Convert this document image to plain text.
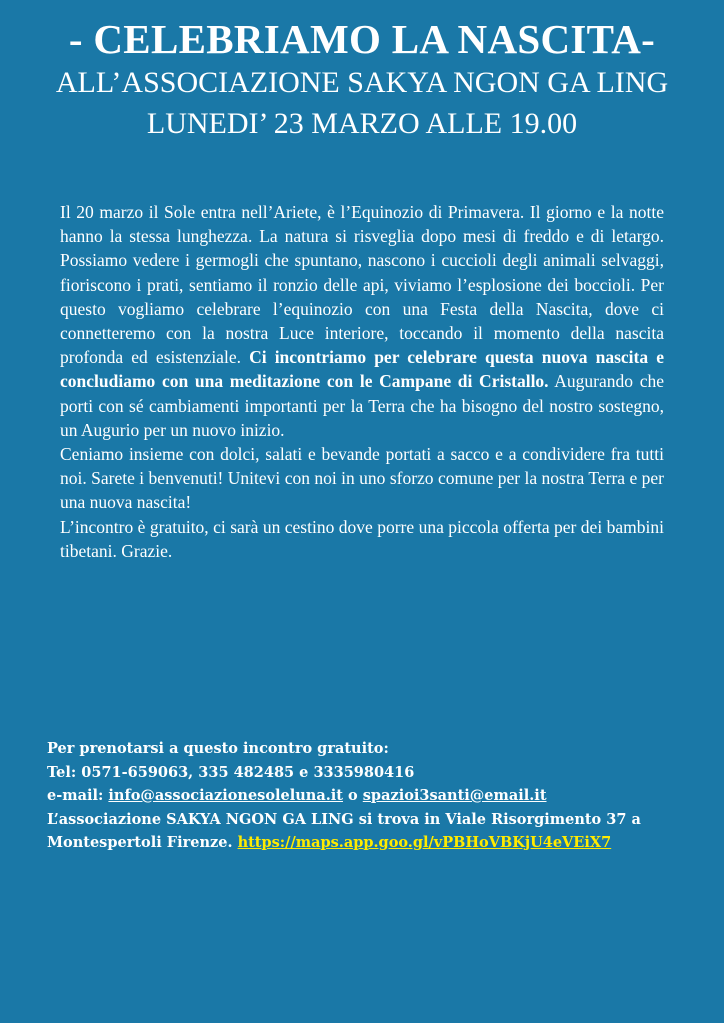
- CELEBRIAMO LA NASCITA-

ALL’ASSOCIAZIONE SAKYA NGON GA LING

LUNEDI’ 23 MARZO ALLE 19.00

Il 20 marzo il Sole entra nell’Ariete, è l’Equinozio di Primavera. Il giorno e la notte hanno la stessa lunghezza. La natura si risveglia dopo mesi di freddo e di letargo. Possiamo vedere i germogli che spuntano, nascono i cuccioli degli animali selvaggi, fioriscono i prati, sentiamo il ronzio delle api, viviamo l’esplosione dei boccioli. Per questo vogliamo celebrare l’equinozio con una Festa della Nascita, dove ci connetteremo con la nostra Luce interiore, toccando il momento della nascita profonda ed esistenziale. Ci incontriamo per celebrare questa nuova nascita e concludiamo con una meditazione con le Campane di Cristallo. Augurando che porti con sé cambiamenti importanti per la Terra che ha bisogno del nostro sostegno, un Augurio per un nuovo inizio.

Ceniamo insieme con dolci, salati e bevande portati a sacco e a condividere fra tutti noi. Sarete i benvenuti! Unitevi con noi in uno sforzo comune per la nostra Terra e per una nuova nascita!

L’incontro è gratuito, ci sarà un cestino dove porre una piccola offerta per dei bambini tibetani. Grazie.

Per prenotarsi a questo incontro gratuito:

Tel: 0571-659063, 335 482485 e 3335980416

e-mail: info@associazionesoleluna.it o spazioi3santi@email.it

L’associazione SAKYA NGON GA LING si trova in Viale Risorgimento 37 a

Montespertoli Firenze. https://maps.app.goo.gl/vPBHoVBKjU4eVEiX7
